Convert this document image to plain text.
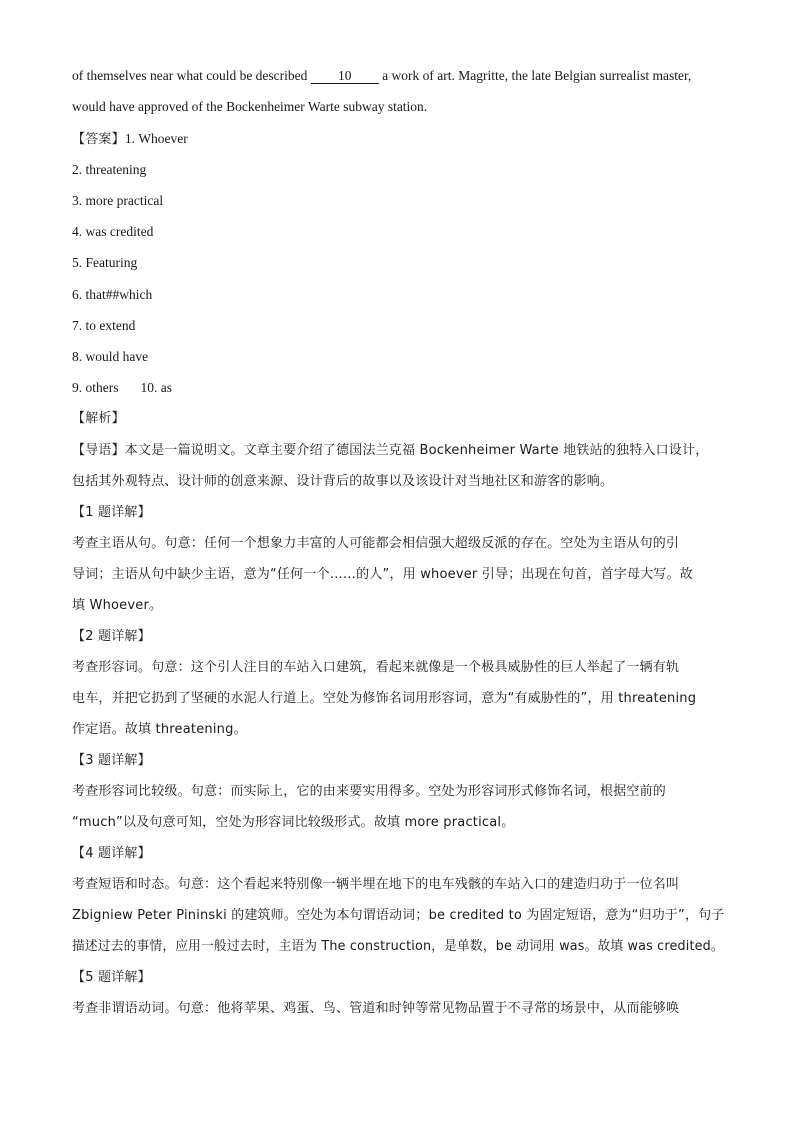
of themselves near what could be described 10 a work of art. Magritte, the late Belgian surrealist master,
would have approved of the Bockenheimer Warte subway station.
【答案】1. Whoever
2. threatening
3. more practical
4. was credited
5. Featuring
6. that##which
7. to extend
8. would have
9. others 10. as
【解析】
【导语】本文是一篇说明文。文章主要介绍了德国法兰克福 Bockenheimer Warte 地铁站的独特入口设计，
包括其外观特点、设计师的创意来源、设计背后的故事以及该设计对当地社区和游客的影响。
【1 题详解】
考查主语从句。句意：任何一个想象力丰富的人可能都会相信强大超级反派的存在。空处为主语从句的引
导词；主语从句中缺少主语，意为“任何一个……的人”，用 whoever 引导；出现在句首，首字母大写。故
填 Whoever。
【2 题详解】
考查形容词。句意：这个引人注目的车站入口建筑，看起来就像是一个极具威胁性的巨人举起了一辆有轨
电车，并把它扔到了坚硬的水泥人行道上。空处为修饰名词用形容词，意为“有威胁性的”，用 threatening
作定语。故填 threatening。
【3 题详解】
考查形容词比较级。句意：而实际上，它的由来要实用得多。空处为形容词形式修饰名词，根据空前的
“much”以及句意可知，空处为形容词比较级形式。故填 more practical。
【4 题详解】
考查短语和时态。句意：这个看起来特别像一辆半埋在地下的电车残骸的车站入口的建造归功于一位名叫
Zbigniew Peter Pininski 的建筑师。空处为本句谓语动词；be credited to 为固定短语，意为“归功于”，句子
描述过去的事情，应用一般过去时，主语为 The construction，是单数，be 动词用 was。故填 was credited。
【5 题详解】
考查非谓语动词。句意：他将苹果、鸡蛋、鸟、管道和时钟等常见物品置于不寻常的场景中，从而能够唤
